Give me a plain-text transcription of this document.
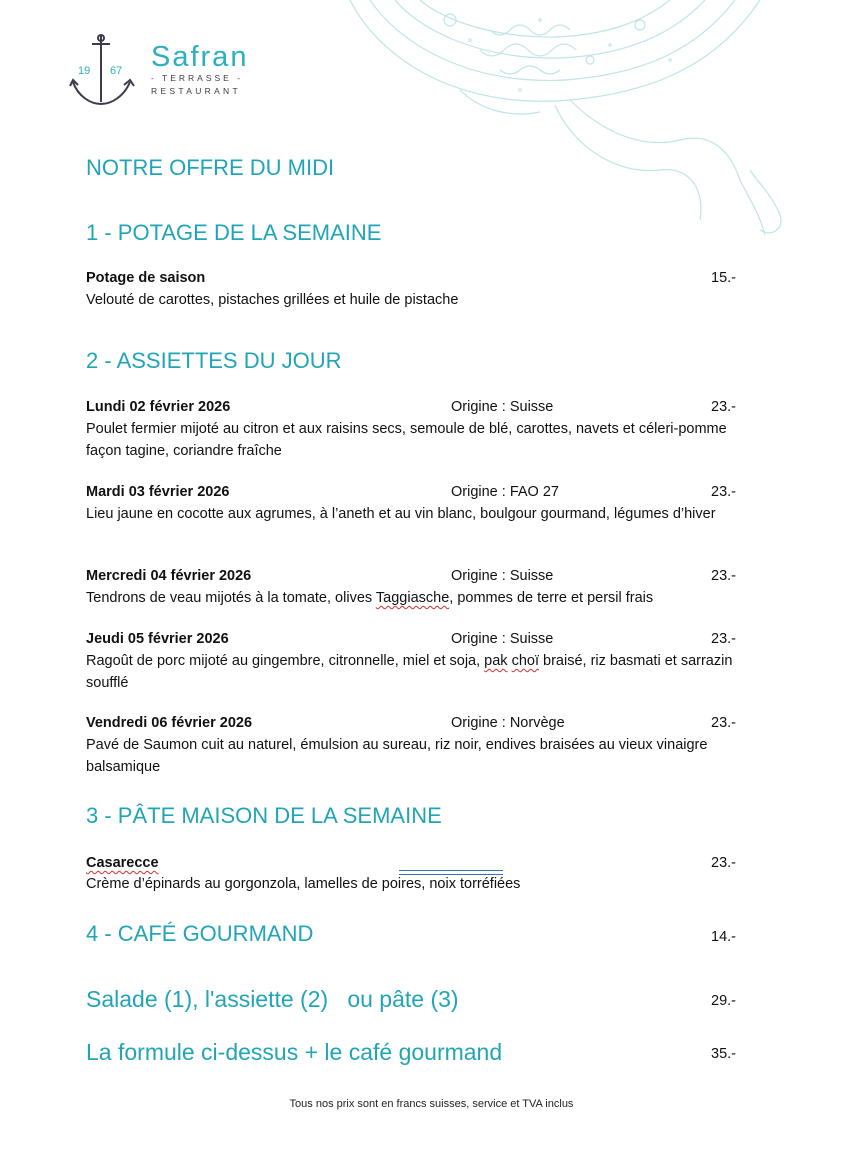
19 67 Safran
- TERRASSE -
RESTAURANT
NOTRE OFFRE DU MIDI
1 - POTAGE DE LA SEMAINE
Potage de saison	15.-
Velouté de carottes, pistaches grillées et huile de pistache
2 - ASSIETTES DU JOUR
Lundi 02 février 2026	Origine : Suisse	23.-
Poulet fermier mijoté au citron et aux raisins secs, semoule de blé, carottes, navets et céleri-pomme façon tagine, coriandre fraîche
Mardi 03 février 2026	Origine : FAO 27	23.-
Lieu jaune en cocotte aux agrumes, à l’aneth et au vin blanc, boulgour gourmand, légumes d’hiver
Mercredi 04 février 2026	Origine : Suisse	23.-
Tendrons de veau mijotés à la tomate, olives Taggiasche, pommes de terre et persil frais
Jeudi 05 février 2026	Origine : Suisse	23.-
Ragoût de porc mijoté au gingembre, citronnelle, miel et soja, pak choï braisé, riz basmati et sarrazin soufflé
Vendredi 06 février 2026	Origine : Norvège	23.-
Pavé de Saumon cuit au naturel, émulsion au sureau, riz noir, endives braisées au vieux vinaigre balsamique
3 - PÂTE MAISON DE LA SEMAINE
Casarecce	23.-
Crème d’épinards au gorgonzola, lamelles de poires, noix torréfiées
4 - CAFÉ GOURMAND	14.-
Salade (1), l'assiette (2)   ou pâte (3)	29.-
La formule ci-dessus + le café gourmand	35.-
Tous nos prix sont en francs suisses, service et TVA inclus
